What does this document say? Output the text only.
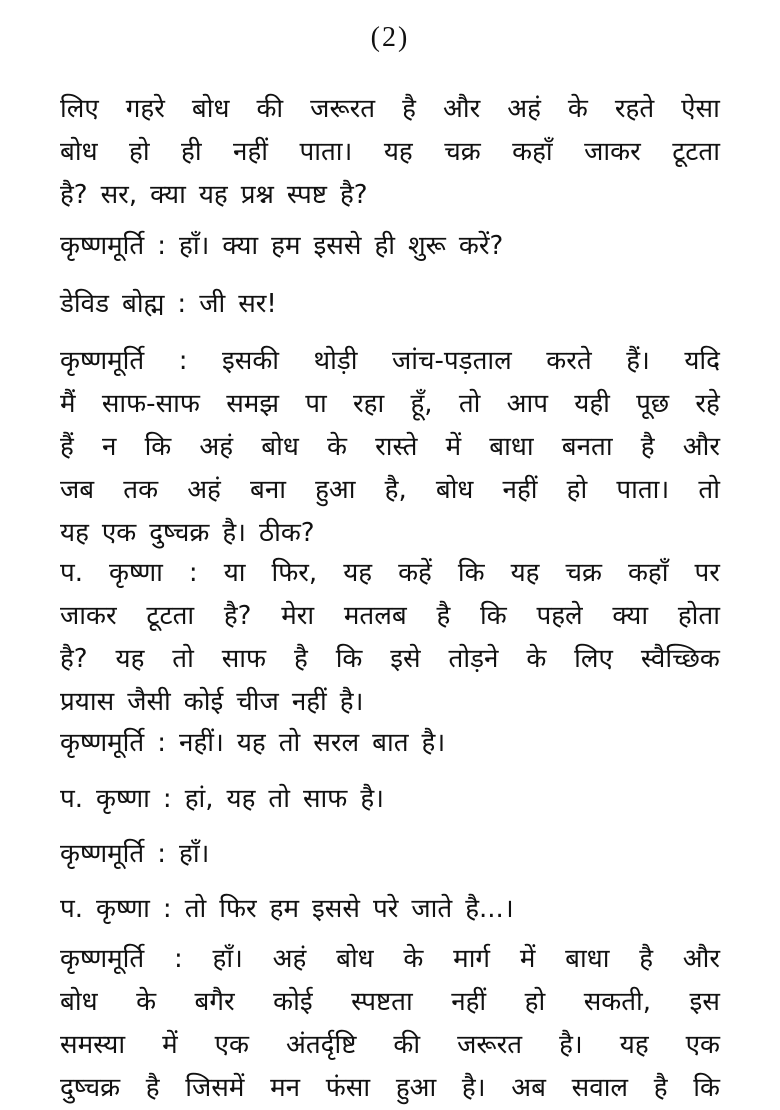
(2)
लिए गहरे बोध की जरूरत है और अहं के रहते ऐसा
बोध हो ही नहीं पाता। यह चक्र कहाँ जाकर टूटता
है? सर, क्या यह प्रश्न स्पष्ट है?
कृष्णमूर्ति : हाँ। क्या हम इससे ही शुरू करें?
डेविड बोह्म : जी सर!
कृष्णमूर्ति : इसकी थोड़ी जांच-पड़ताल करते हैं। यदि
मैं साफ-साफ समझ पा रहा हूँ, तो आप यही पूछ रहे
हैं न कि अहं बोध के रास्ते में बाधा बनता है और
जब तक अहं बना हुआ है, बोध नहीं हो पाता। तो
यह एक दुष्चक्र है। ठीक?
प. कृष्णा : या फिर, यह कहें कि यह चक्र कहाँ पर
जाकर टूटता है? मेरा मतलब है कि पहले क्या होता
है? यह तो साफ है कि इसे तोड़ने के लिए स्वैच्छिक
प्रयास जैसी कोई चीज नहीं है।
कृष्णमूर्ति : नहीं। यह तो सरल बात है।
प. कृष्णा : हां, यह तो साफ है।
कृष्णमूर्ति : हाँ।
प. कृष्णा : तो फिर हम इससे परे जाते है...।
कृष्णमूर्ति : हाँ। अहं बोध के मार्ग में बाधा है और
बोध के बगैर कोई स्पष्टता नहीं हो सकती, इस
समस्या में एक अंतर्दृष्टि की जरूरत है। यह एक
दुष्चक्र है जिसमें मन फंसा हुआ है। अब सवाल है कि
